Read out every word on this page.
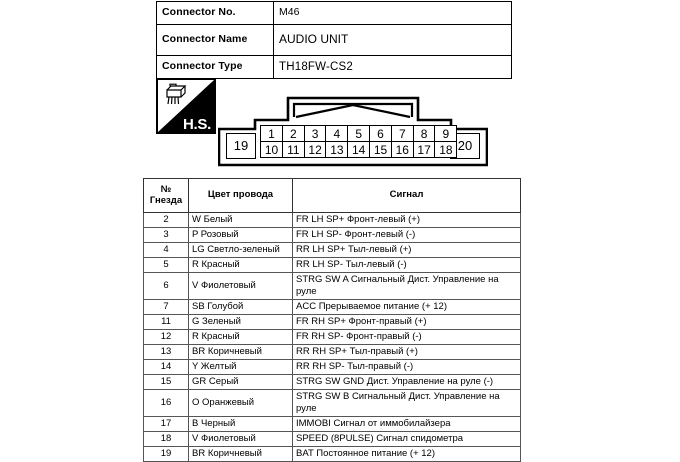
Connector No.	M46
Connector Name	AUDIO UNIT
Connector Type	TH18FW-CS2
H.S.
19	20
1	2	3	4	5	6	7	8	9
10 11 12 13 14 15 16 17 18
№
Гнезда	Цвет провода	Сигнал
2	W Белый	FR LH SP+ Фронт-левый (+)
3	P Розовый	FR LH SP- Фронт-левый (-)
4	LG Светло-зеленый	RR LH SP+ Тыл-левый (+)
5	R Красный	RR LH SP- Тыл-левый (-)
6	V Фиолетовый	STRG SW A Сигнальный Дист. Управление на руле
7	SB Голубой	ACC Прерываемое питание (+ 12)
11	G Зеленый	FR RH SP+ Фронт-правый (+)
12	R Красный	FR RH SP- Фронт-правый (-)
13	BR Коричневый	RR RH SP+ Тыл-правый (+)
14	Y Желтый	RR RH SP- Тыл-правый (-)
15	GR Серый	STRG SW GND Дист. Управление на руле (-)
16	O Оранжевый	STRG SW B Сигнальный Дист. Управление на руле
17	B Черный	IMMOBI Сигнал от иммобилайзера
18	V Фиолетовый	SPEED (8PULSE) Сигнал спидометра
19	BR Коричневый	BAT Постоянное питание (+ 12)
